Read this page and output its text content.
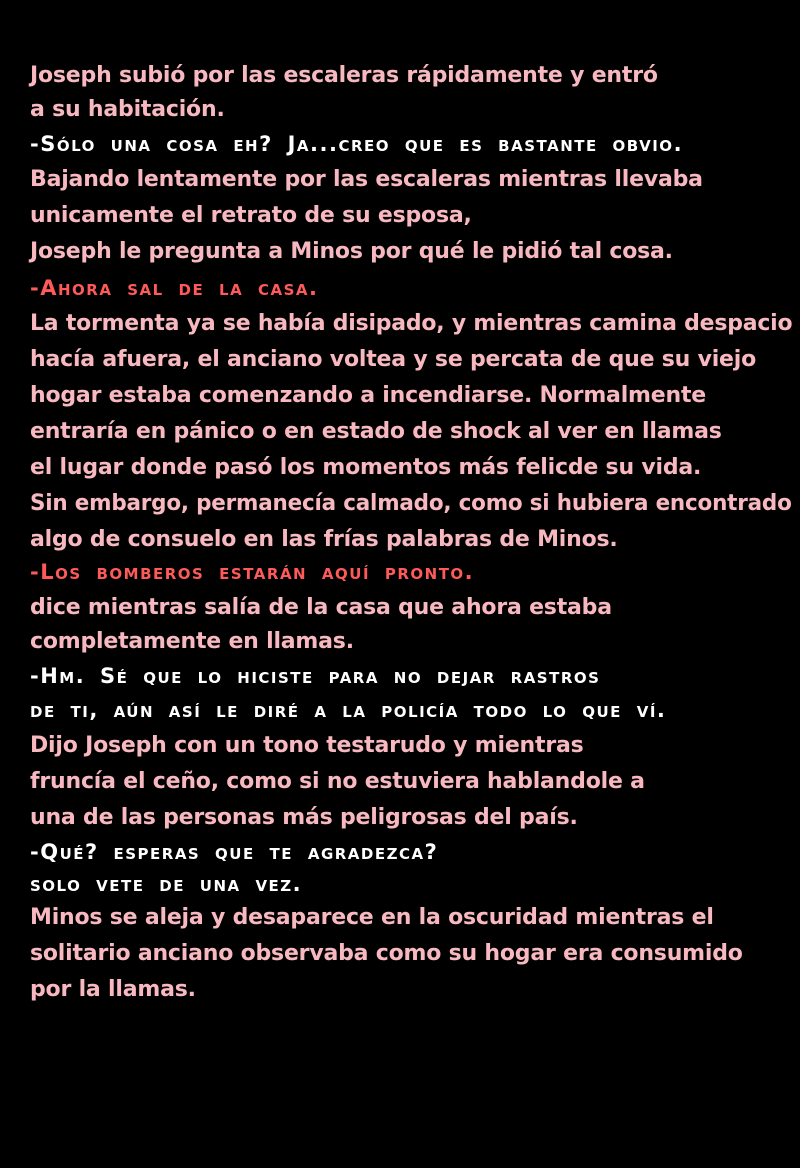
Joseph subió por las escaleras rápidamente y entró
a su habitación.
-Sólo una cosa eh? Ja...creo que es bastante obvio.
Bajando lentamente por las escaleras mientras llevaba
unicamente el retrato de su esposa,
Joseph le pregunta a Minos por qué le pidió tal cosa.
-Ahora sal de la casa.
La tormenta ya se había disipado, y mientras camina despacio
hacía afuera, el anciano voltea y se percata de que su viejo
hogar estaba comenzando a incendiarse. Normalmente
entraría en pánico o en estado de shock al ver en llamas
el lugar donde pasó los momentos más felicde su vida.
Sin embargo, permanecía calmado, como si hubiera encontrado
algo de consuelo en las frías palabras de Minos.
-Los bomberos estarán aquí pronto.
dice mientras salía de la casa que ahora estaba
completamente en llamas.
-Hm. Sé que lo hiciste para no dejar rastros
de ti, aún así le diré a la policía todo lo que ví.
Dijo Joseph con un tono testarudo y mientras
fruncía el ceño, como si no estuviera hablandole a
una de las personas más peligrosas del país.
-Qué? esperas que te agradezca?
solo vete de una vez.
Minos se aleja y desaparece en la oscuridad mientras el
solitario anciano observaba como su hogar era consumido
por la llamas.
